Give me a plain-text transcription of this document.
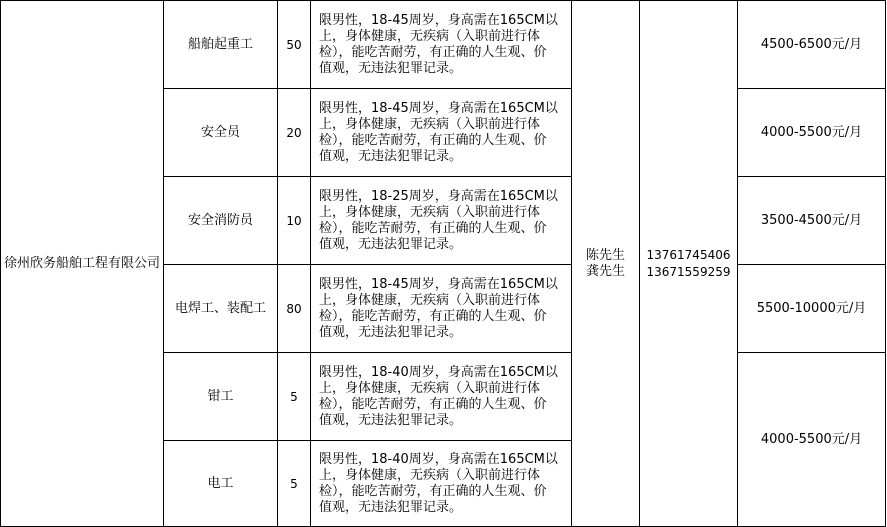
徐州欣务船舶工程有限公司	船舶起重工	50	限男性，18-45周岁，身高需在165CM以
上，身体健康，无疾病（入职前进行体
检），能吃苦耐劳，有正确的人生观、价
值观，无违法犯罪记录。	陈先生
龚先生	13761745406
13671559259	4500-6500元/月
	安全员	20	限男性，18-45周岁，身高需在165CM以
上，身体健康，无疾病（入职前进行体
检），能吃苦耐劳，有正确的人生观、价
值观，无违法犯罪记录。			4000-5500元/月
	安全消防员	10	限男性，18-25周岁，身高需在165CM以
上，身体健康，无疾病（入职前进行体
检），能吃苦耐劳，有正确的人生观、价
值观，无违法犯罪记录。			3500-4500元/月
	电焊工、装配工	80	限男性，18-45周岁，身高需在165CM以
上，身体健康，无疾病（入职前进行体
检），能吃苦耐劳，有正确的人生观、价
值观，无违法犯罪记录。			5500-10000元/月
	钳工	5	限男性，18-40周岁，身高需在165CM以
上，身体健康，无疾病（入职前进行体
检），能吃苦耐劳，有正确的人生观、价
值观，无违法犯罪记录。			4000-5500元/月
	电工	5	限男性，18-40周岁，身高需在165CM以
上，身体健康，无疾病（入职前进行体
检），能吃苦耐劳，有正确的人生观、价
值观，无违法犯罪记录。			
